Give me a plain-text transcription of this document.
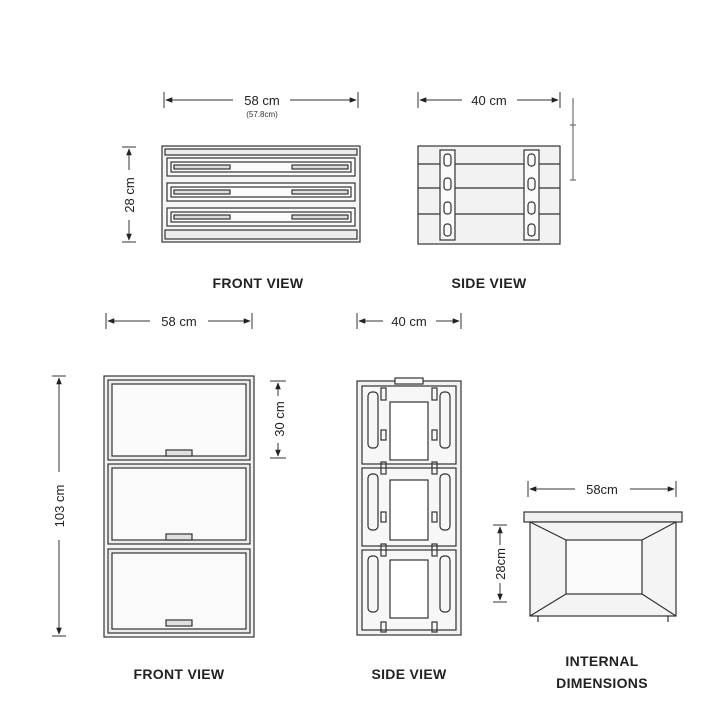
58 cm
(57.8cm)
28 cm
FRONT VIEW
40 cm
SIDE VIEW
58 cm
103 cm
30 cm
FRONT VIEW
40 cm
SIDE VIEW
58cm
28cm
INTERNAL
DIMENSIONS
